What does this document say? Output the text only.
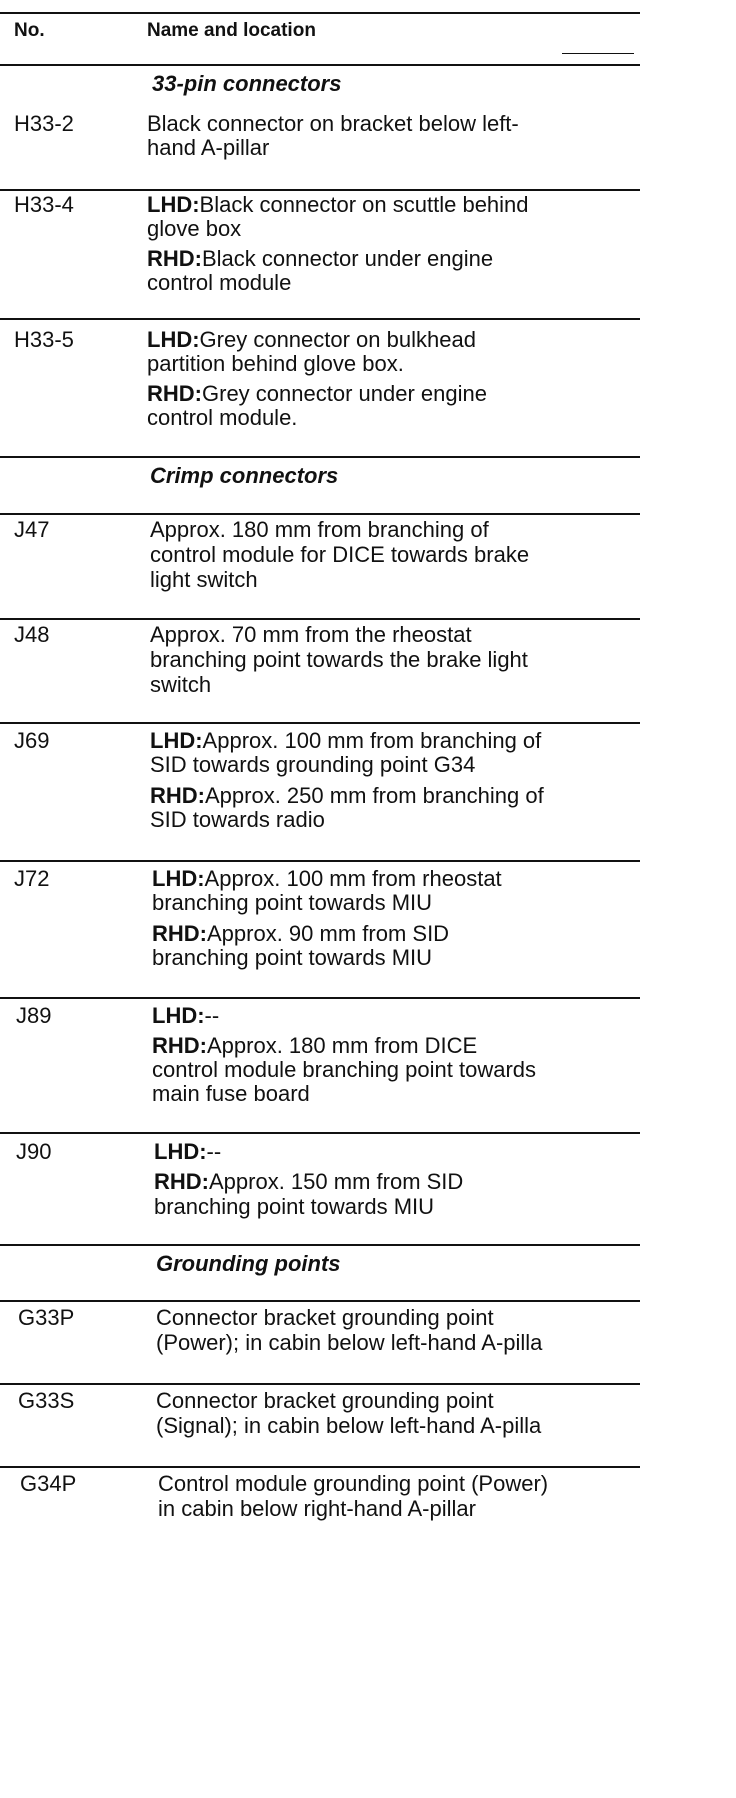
No.	Name and location
33-pin connectors
H33-2	Black connector on bracket below left-
hand A-pillar
H33-4	LHD:Black connector on scuttle behind
glove box
RHD:Black connector under engine
control module
H33-5	LHD:Grey connector on bulkhead
partition behind glove box.
RHD:Grey connector under engine
control module.
Crimp connectors
J47	Approx. 180 mm from branching of
control module for DICE towards brake
light switch
J48	Approx. 70 mm from the rheostat
branching point towards the brake light
switch
J69	LHD:Approx. 100 mm from branching of
SID towards grounding point G34
RHD:Approx. 250 mm from branching of
SID towards radio
J72	LHD:Approx. 100 mm from rheostat
branching point towards MIU
RHD:Approx. 90 mm from SID
branching point towards MIU
J89	LHD:--
RHD:Approx. 180 mm from DICE
control module branching point towards
main fuse board
J90	LHD:--
RHD:Approx. 150 mm from SID
branching point towards MIU
Grounding points
G33P	Connector bracket grounding point
(Power); in cabin below left-hand A-pilla
G33S	Connector bracket grounding point
(Signal); in cabin below left-hand A-pilla
G34P	Control module grounding point (Power)
in cabin below right-hand A-pillar
